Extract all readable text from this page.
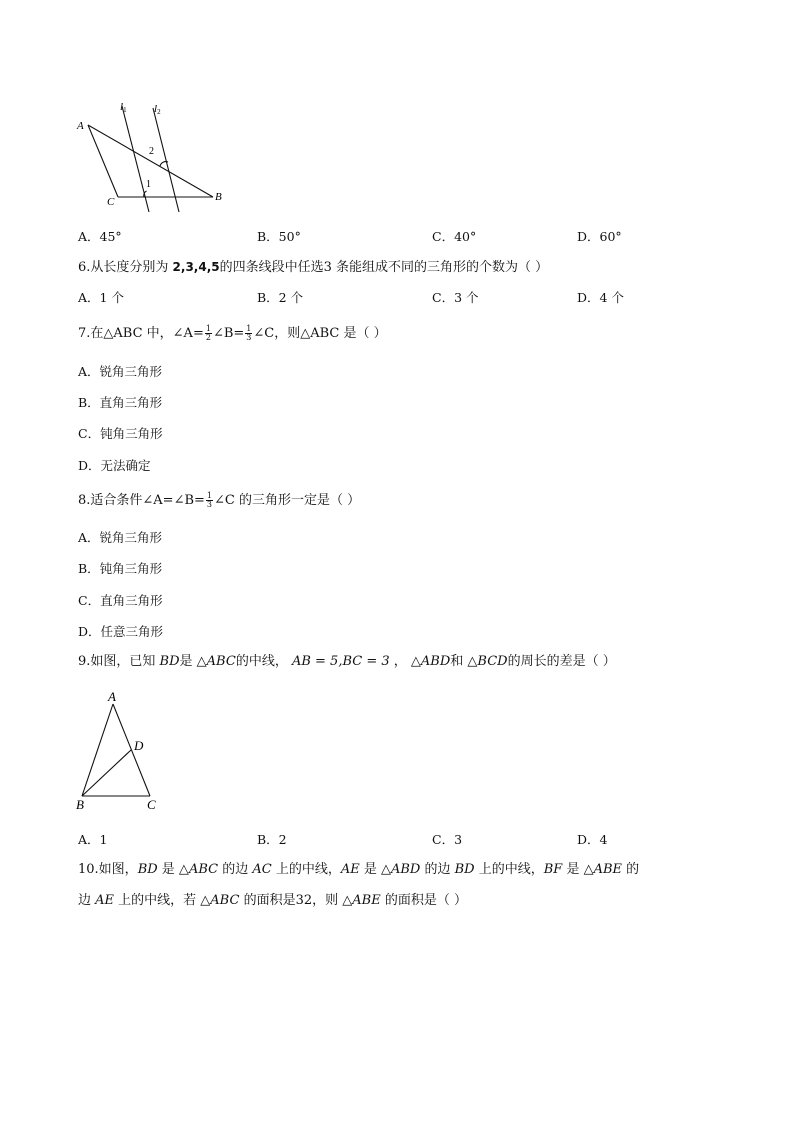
A
C	B
l1 l2
1
2
A．45°	B．50°	C．40°	D．60°
6.从长度分别为 2,3,4,5的四条线段中任选3 条能组成不同的三角形的个数为（ ）
A．1 个	B．2 个	C．3 个	D．4 个
7.在△ABC 中，∠A= $\frac{1}{2}$ ∠B= $\frac{1}{3}$ ∠C，则△ABC 是（ ）
A．锐角三角形
B．直角三角形
C．钝角三角形
D．无法确定
8.适合条件∠A=∠B= $\frac{1}{3}$ ∠C 的三角形一定是（ ）
A．锐角三角形
B．钝角三角形
C．直角三角形
D．任意三角形
9.如图，已知 BD是 △ABC的中线， AB = 5,BC = 3 ， △ABD和 △BCD的周长的差是（ ）
A
D
B	C
A．1	B．2	C．3	D．4
10.如图，BD 是 △ABC 的边 AC 上的中线，AE 是 △ABD 的边 BD 上的中线，BF 是 △ABE 的
边 AE 上的中线，若 △ABC 的面积是32，则 △ABE 的面积是（ ）
